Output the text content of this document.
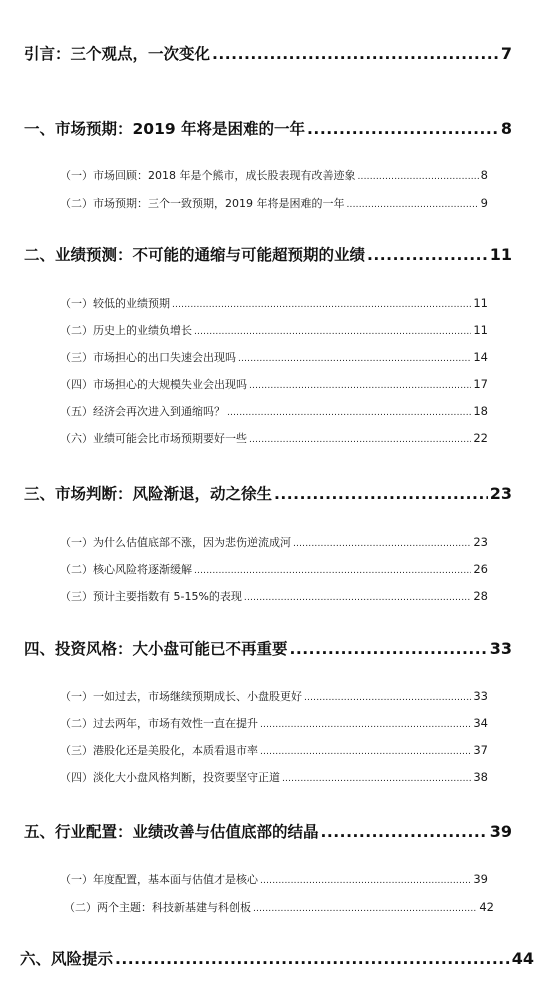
引言：三个观点，一次变化 .....	7
一、市场预期：2019 年将是困难的一年 .....	8
（一）市场回顾：2018 年是个熊市，成长股表现有改善迹象 .....	8
（二）市场预期：三个一致预期，2019 年将是困难的一年 .....	9
二、业绩预测：不可能的通缩与可能超预期的业绩 .....	11
（一）较低的业绩预期 .....	11
（二）历史上的业绩负增长 .....	11
（三）市场担心的出口失速会出现吗 .....	14
（四）市场担心的大规模失业会出现吗 .....	17
（五）经济会再次进入到通缩吗？ .....	18
（六）业绩可能会比市场预期要好一些 .....	22
三、市场判断：风险渐退，动之徐生 .....	23
（一）为什么估值底部不涨，因为悲伤逆流成河 .....	23
（二）核心风险将逐渐缓解 .....	26
（三）预计主要指数有 5-15%的表现 .....	28
四、投资风格：大小盘可能已不再重要 .....	33
（一）一如过去，市场继续预期成长、小盘股更好 .....	33
（二）过去两年，市场有效性一直在提升 .....	34
（三）港股化还是美股化，本质看退市率 .....	37
（四）淡化大小盘风格判断，投资要坚守正道 .....	38
五、行业配置：业绩改善与估值底部的结晶 .....	39
（一）年度配置，基本面与估值才是核心 .....	39
（二）两个主题：科技新基建与科创板 .....	42
六、风险提示 .....	44
